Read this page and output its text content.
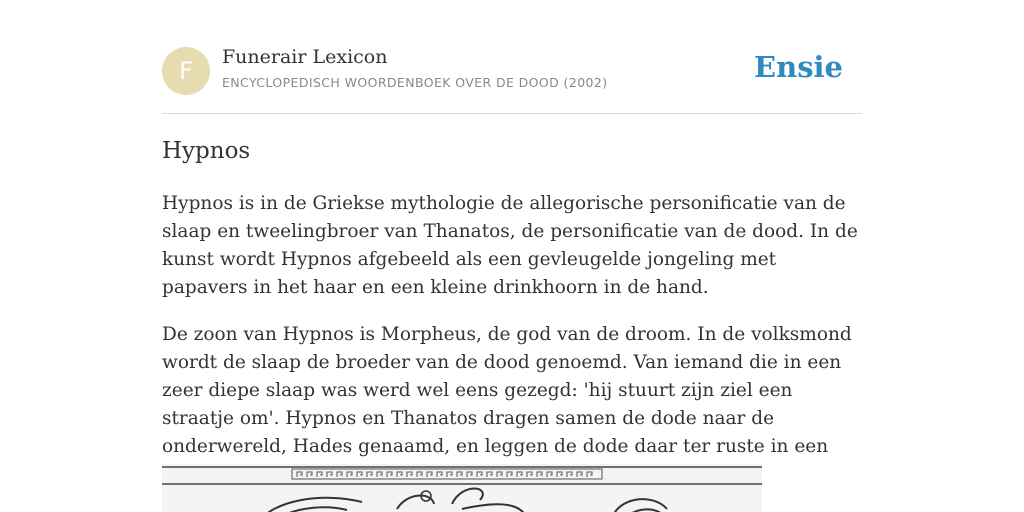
F	Funerair Lexicon
ENCYCLOPEDISCH WOORDENBOEK OVER DE DOOD (2002)	Ensie
Hypnos

Hypnos is in de Griekse mythologie de allegorische personificatie van de slaap en tweelingbroer van Thanatos, de personificatie van de dood. In de kunst wordt Hypnos afgebeeld als een gevleugelde jongeling met papavers in het haar en een kleine drinkhoorn in de hand.

De zoon van Hypnos is Morpheus, de god van de droom. In de volksmond wordt de slaap de broeder van de dood genoemd. Van iemand die in een zeer diepe slaap was werd wel eens gezegd: 'hij stuurt zijn ziel een straatje om'. Hypnos en Thanatos dragen samen de dode naar de onderwereld, Hades genaamd, en leggen de dode daar ter ruste in een
